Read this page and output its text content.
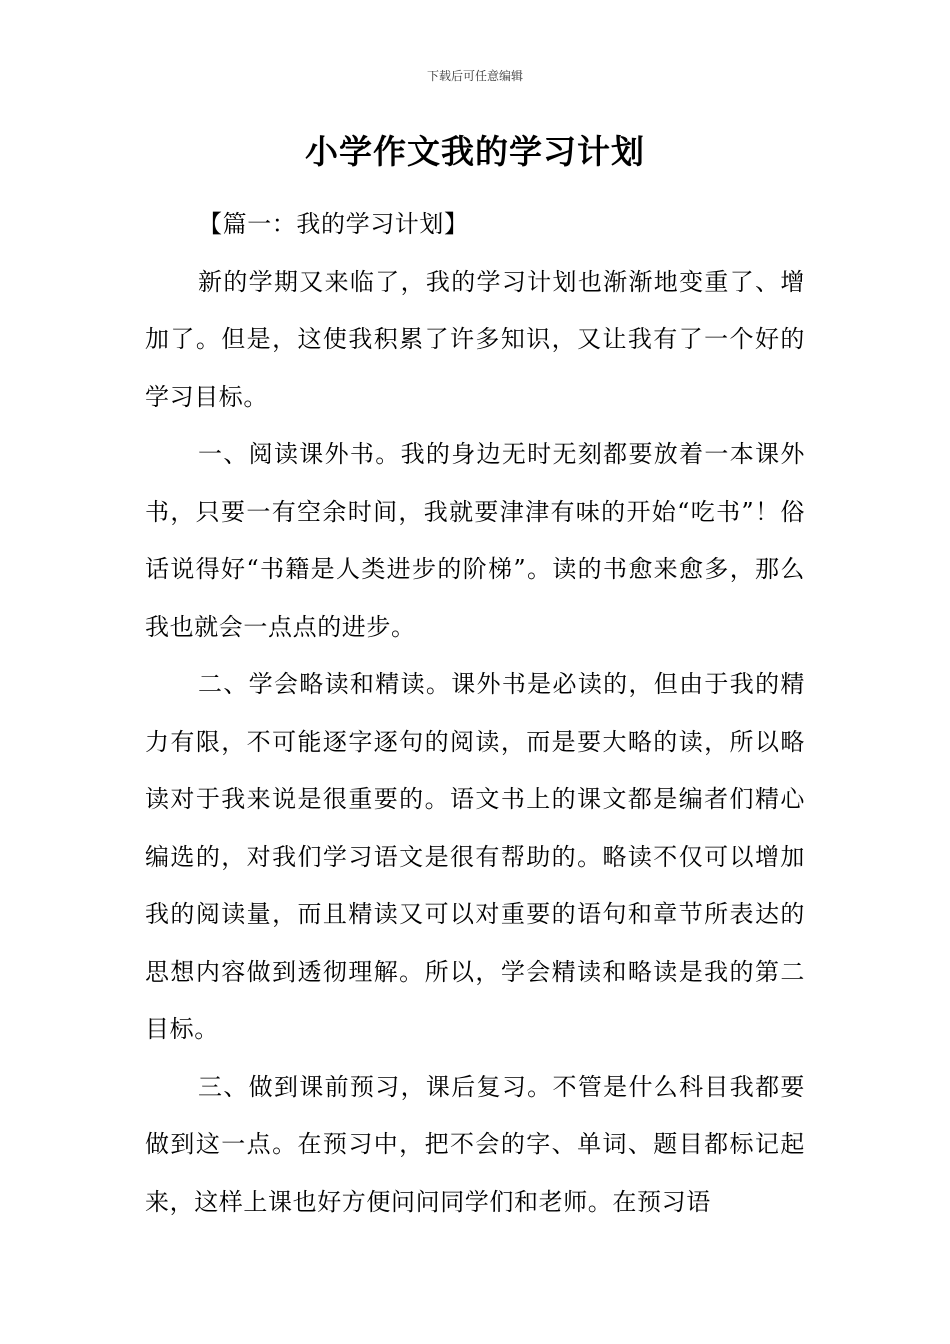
下载后可任意编辑
小学作文我的学习计划

【篇一：我的学习计划】

新的学期又来临了，我的学习计划也渐渐地变重了、增加了。但是，这使我积累了许多知识，又让我有了一个好的学习目标。

一、阅读课外书。我的身边无时无刻都要放着一本课外书，只要一有空余时间，我就要津津有味的开始“吃书”！俗话说得好“书籍是人类进步的阶梯”。读的书愈来愈多，那么我也就会一点点的进步。

二、学会略读和精读。课外书是必读的，但由于我的精力有限，不可能逐字逐句的阅读，而是要大略的读，所以略读对于我来说是很重要的。语文书上的课文都是编者们精心编选的，对我们学习语文是很有帮助的。略读不仅可以增加我的阅读量，而且精读又可以对重要的语句和章节所表达的思想内容做到透彻理解。所以，学会精读和略读是我的第二目标。

三、做到课前预习，课后复习。不管是什么科目我都要做到这一点。在预习中，把不会的字、单词、题目都标记起来，这样上课也好方便问问同学们和老师。在预习语
